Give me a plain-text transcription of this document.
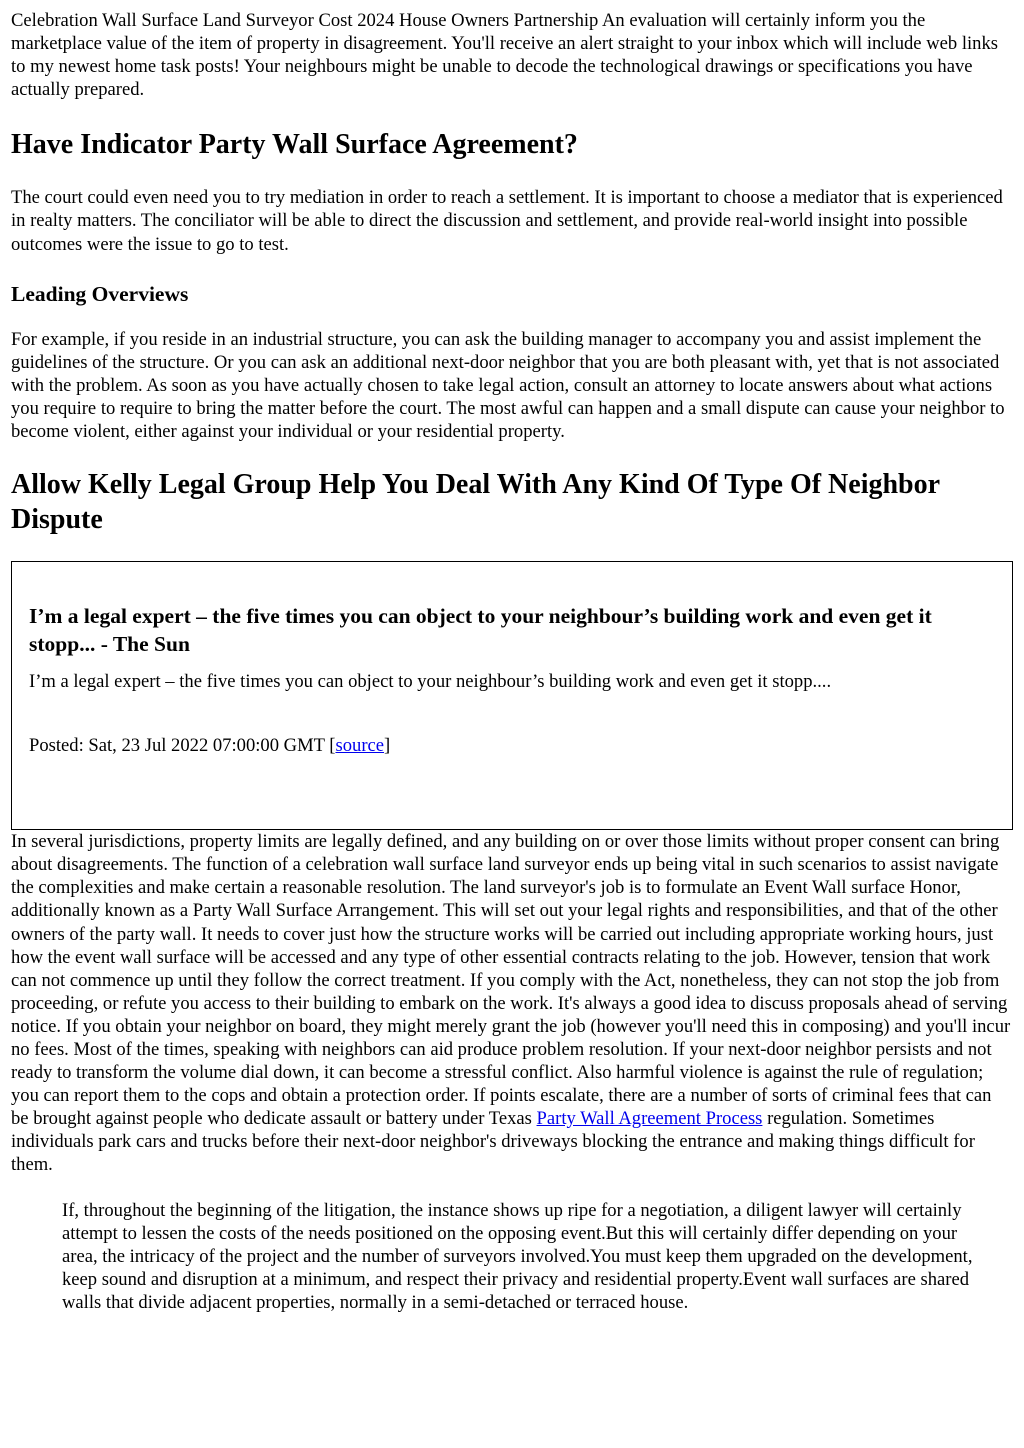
Celebration Wall Surface Land Surveyor Cost 2024 House Owners Partnership An evaluation will certainly inform you the marketplace value of the item of property in disagreement. You'll receive an alert straight to your inbox which will include web links to my newest home task posts! Your neighbours might be unable to decode the technological drawings or specifications you have actually prepared.

Have Indicator Party Wall Surface Agreement?

The court could even need you to try mediation in order to reach a settlement. It is important to choose a mediator that is experienced in realty matters. The conciliator will be able to direct the discussion and settlement, and provide real-world insight into possible outcomes were the issue to go to test.

Leading Overviews

For example, if you reside in an industrial structure, you can ask the building manager to accompany you and assist implement the guidelines of the structure. Or you can ask an additional next-door neighbor that you are both pleasant with, yet that is not associated with the problem. As soon as you have actually chosen to take legal action, consult an attorney to locate answers about what actions you require to require to bring the matter before the court. The most awful can happen and a small dispute can cause your neighbor to become violent, either against your individual or your residential property.

Allow Kelly Legal Group Help You Deal With Any Kind Of Type Of Neighbor Dispute
I’m a legal expert – the five times you can object to your neighbour’s building work and even get it stopp... - The Sun

I’m a legal expert – the five times you can object to your neighbour’s building work and even get it stopp....

Posted: Sat, 23 Jul 2022 07:00:00 GMT [source]

In several jurisdictions, property limits are legally defined, and any building on or over those limits without proper consent can bring about disagreements. The function of a celebration wall surface land surveyor ends up being vital in such scenarios to assist navigate the complexities and make certain a reasonable resolution. The land surveyor's job is to formulate an Event Wall surface Honor, additionally known as a Party Wall Surface Arrangement. This will set out your legal rights and responsibilities, and that of the other owners of the party wall. It needs to cover just how the structure works will be carried out including appropriate working hours, just how the event wall surface will be accessed and any type of other essential contracts relating to the job. However, tension that work can not commence up until they follow the correct treatment. If you comply with the Act, nonetheless, they can not stop the job from proceeding, or refute you access to their building to embark on the work. It's always a good idea to discuss proposals ahead of serving notice. If you obtain your neighbor on board, they might merely grant the job (however you'll need this in composing) and you'll incur no fees. Most of the times, speaking with neighbors can aid produce problem resolution. If your next-door neighbor persists and not ready to transform the volume dial down, it can become a stressful conflict. Also harmful violence is against the rule of regulation; you can report them to the cops and obtain a protection order. If points escalate, there are a number of sorts of criminal fees that can be brought against people who dedicate assault or battery under Texas Party Wall Agreement Process regulation. Sometimes individuals park cars and trucks before their next-door neighbor's driveways blocking the entrance and making things difficult for them.

If, throughout the beginning of the litigation, the instance shows up ripe for a negotiation, a diligent lawyer will certainly attempt to lessen the costs of the needs positioned on the opposing event.But this will certainly differ depending on your area, the intricacy of the project and the number of surveyors involved.You must keep them upgraded on the development, keep sound and disruption at a minimum, and respect their privacy and residential property.Event wall surfaces are shared walls that divide adjacent properties, normally in a semi-detached or terraced house.
